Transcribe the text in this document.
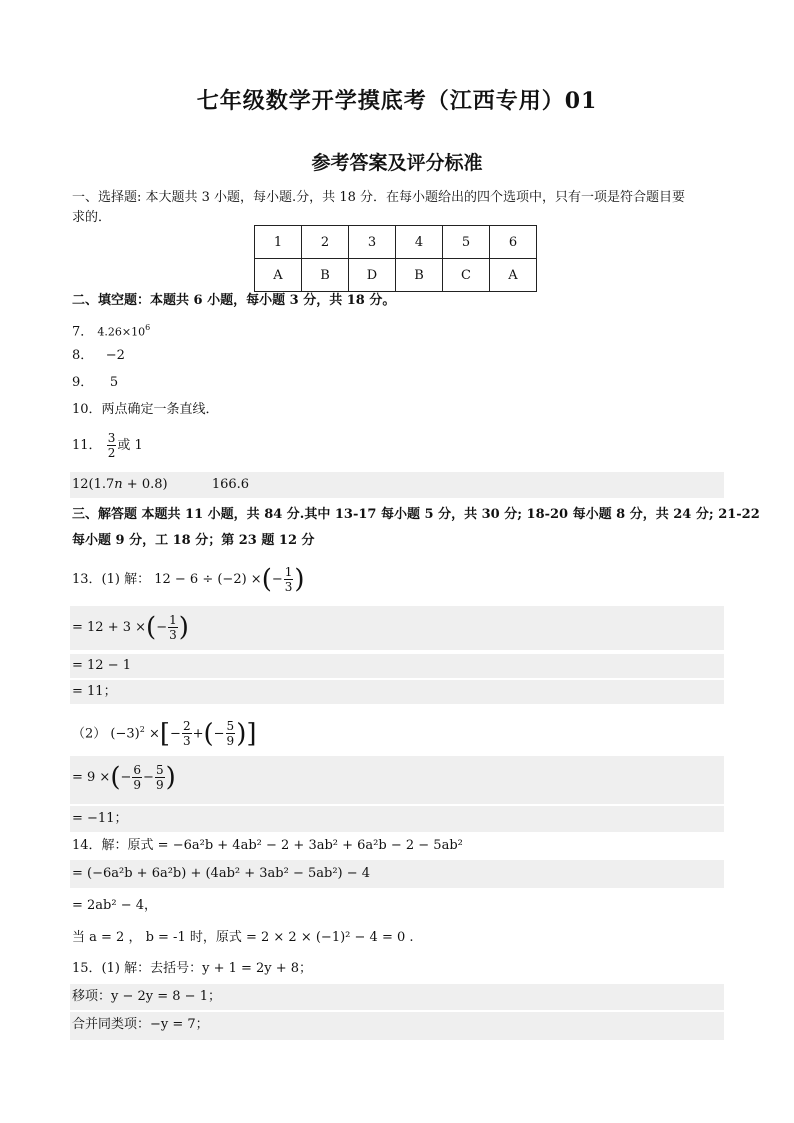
七年级数学开学摸底考（江西专用）01
参考答案及评分标准
一、选择题: 本大题共 3 小题，每小题.分，共 18 分．在每小题给出的四个选项中，只有一项是符合题目要
求的．
1	2	3	4	5	6
A	B	D	B	C	A
二、填空题：本题共 6 小题，每小题 3 分，共 18 分。
7． $4.26\times 10^6$
8． −2
9． 5
10．两点确定一条直线．
11． $\frac{3}{2}$ 或 1
12(1.7n + 0.8)	166.6
三、解答题 本题共 11 小题，共 84 分.其中 13-17 每小题 5 分，共 30 分; 18-20 每小题 8 分，共 24 分; 21-22
每小题 9 分，工 18 分；第 23 题 12 分
13．(1) 解： 12 − 6 ÷ (−2) ×(− $\frac{1}{3}$ )
= 12 + 3 ×(− $\frac{1}{3}$ )
= 12 − 1
= 11；
（2） $(-3)^2$ ×[− $\frac{2}{3}$ +(− $\frac{5}{9}$ )]
= 9 ×(− $\frac{6}{9} - \frac{5}{9}$ )
= −11；
14．解：原式 = −6a²b + 4ab² − 2 + 3ab² + 6a²b − 2 − 5ab²
= (−6a²b + 6a²b) + (4ab² + 3ab² − 5ab²) − 4
= 2ab² − 4，
当 a = 2 ， b = -1 时，原式 = 2 × 2 × (−1)² − 4 = 0 .
15．(1) 解：去括号：y + 1 = 2y + 8；
移项：y − 2y = 8 − 1；
合并同类项：−y = 7；
